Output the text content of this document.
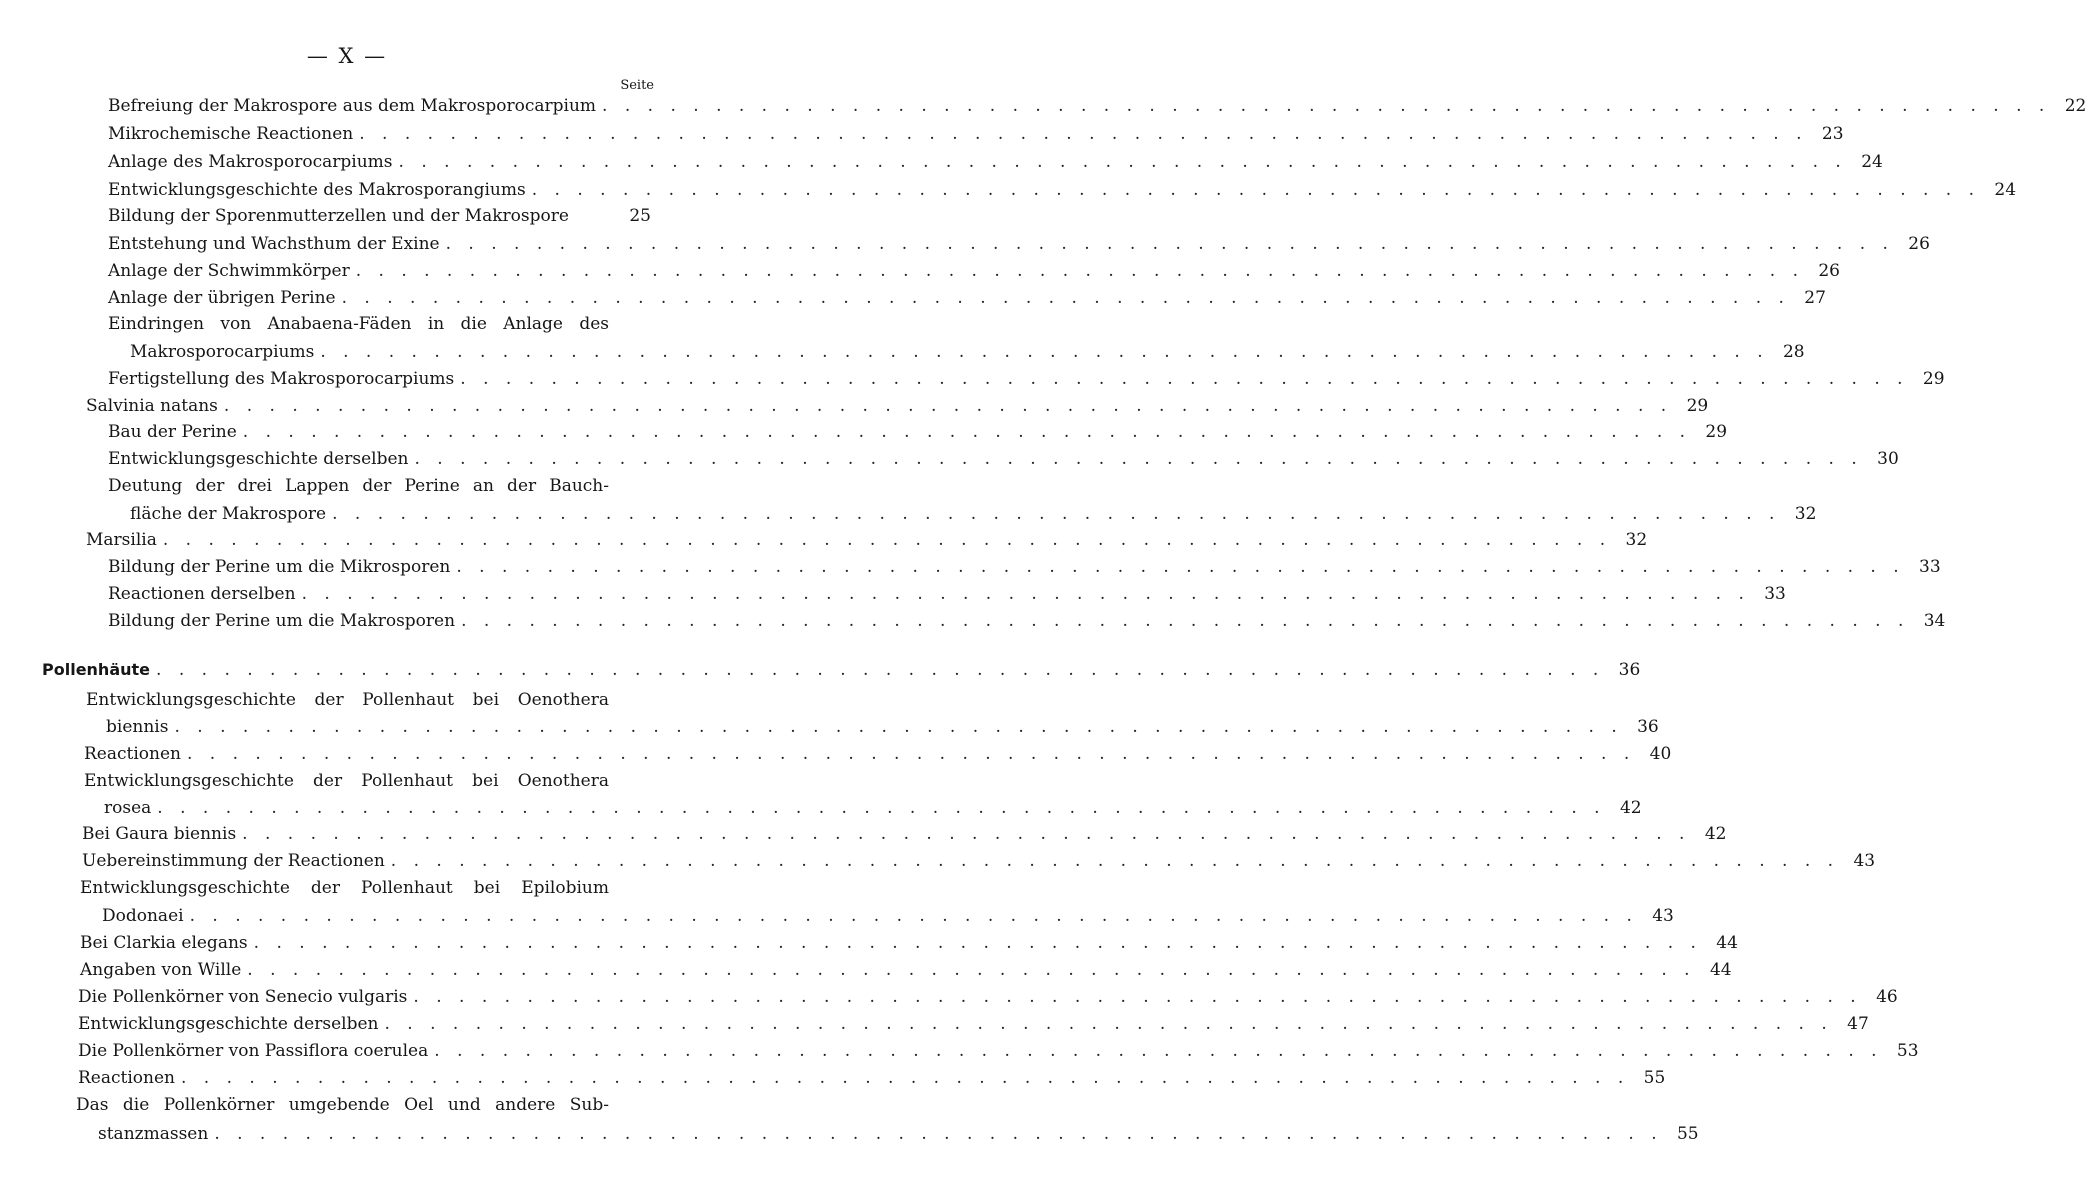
— X —
Seite
Befreiung der Makrospore aus dem Makrosporocarpium . . .	22
Mikrochemische Reactionen . . .	23
Anlage des Makrosporocarpiums . . .	24
Entwicklungsgeschichte des Makrosporangiums . . .	24
Bildung der Sporenmutterzellen und der Makrospore	25
Entstehung und Wachsthum der Exine . . .	26
Anlage der Schwimmkörper . . .	26
Anlage der übrigen Perine . . .	27
Eindringen von Anabaena-Fäden in die Anlage des
Makrosporocarpiums . . .	28
Fertigstellung des Makrosporocarpiums . . .	29
Salvinia natans . . .	29
Bau der Perine . . .	29
Entwicklungsgeschichte derselben . . .	30
Deutung der drei Lappen der Perine an der Bauch-
fläche der Makrospore . . .	32
Marsilia . . .	32
Bildung der Perine um die Mikrosporen . . .	33
Reactionen derselben . . .	33
Bildung der Perine um die Makrosporen . . .	34
Pollenhäute . . .	36
Entwicklungsgeschichte der Pollenhaut bei Oenothera
biennis . . .	36
Reactionen . . .	40
Entwicklungsgeschichte der Pollenhaut bei Oenothera
rosea . . .	42
Bei Gaura biennis . . .	42
Uebereinstimmung der Reactionen . . .	43
Entwicklungsgeschichte der Pollenhaut bei Epilobium
Dodonaei . . .	43
Bei Clarkia elegans . . .	44
Angaben von Wille . . .	44
Die Pollenkörner von Senecio vulgaris . . .	46
Entwicklungsgeschichte derselben . . .	47
Die Pollenkörner von Passiflora coerulea . . .	53
Reactionen . . .	55
Das die Pollenkörner umgebende Oel und andere Sub-
stanzmassen . . .	55
